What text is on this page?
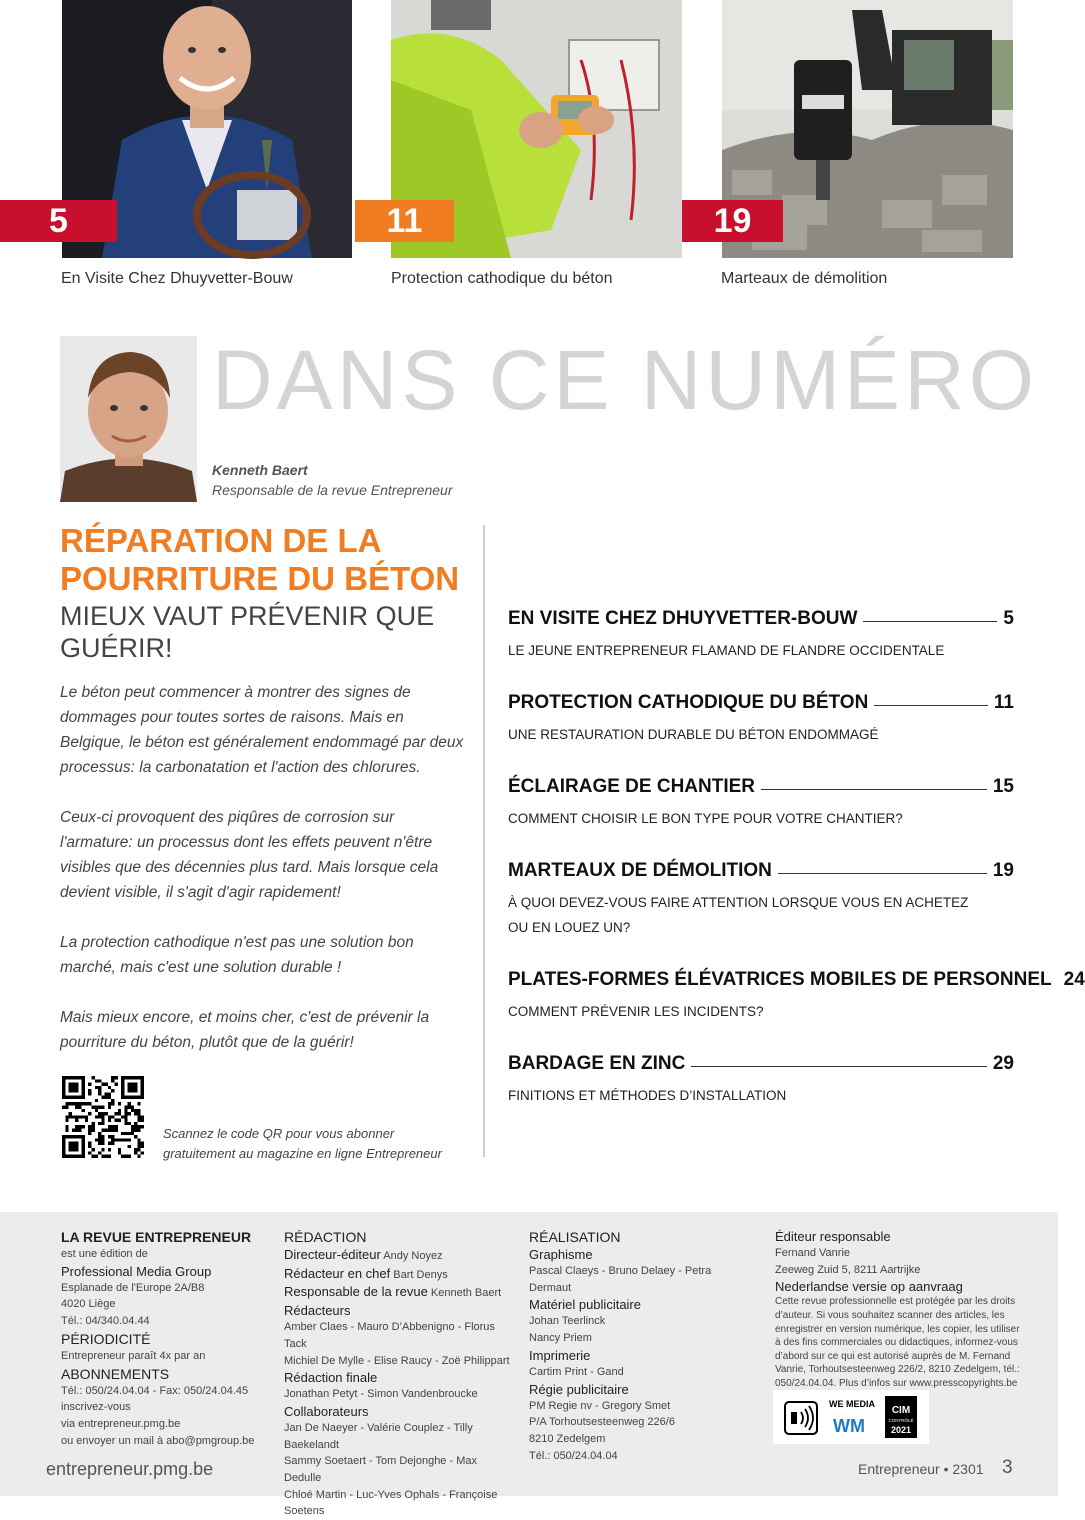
5
En Visite Chez Dhuyvetter-Bouw
11
Protection cathodique du béton
19
Marteaux de démolition
DANS CE NUMÉRO
Kenneth Baert
Responsable de la revue Entrepreneur
RÉPARATION DE LA POURRITURE DU BÉTON
MIEUX VAUT PRÉVENIR QUE GUÉRIR!

Le béton peut commencer à montrer des signes de dommages pour toutes sortes de raisons. Mais en Belgique, le béton est généralement endommagé par deux processus: la carbonatation et l'action des chlorures.

Ceux-ci provoquent des piqûres de corrosion sur l'armature: un processus dont les effets peuvent n'être visibles que des décennies plus tard. Mais lorsque cela devient visible, il s'agit d'agir rapidement!

La protection cathodique n'est pas une solution bon marché, mais c'est une solution durable !

Mais mieux encore, et moins cher, c'est de prévenir la pourriture du béton, plutôt que de la guérir!

Scannez le code QR pour vous abonner gratuitement au magazine en ligne Entrepreneur
EN VISITE CHEZ DHUYVETTER-BOUW	5
LE JEUNE ENTREPRENEUR FLAMAND DE FLANDRE OCCIDENTALE
PROTECTION CATHODIQUE DU BÉTON	11
UNE RESTAURATION DURABLE DU BÉTON ENDOMMAGÉ
ÉCLAIRAGE DE CHANTIER	15
COMMENT CHOISIR LE BON TYPE POUR VOTRE CHANTIER?
MARTEAUX DE DÉMOLITION	19
À QUOI DEVEZ-VOUS FAIRE ATTENTION LORSQUE VOUS EN ACHETEZ OU EN LOUEZ UN?
PLATES-FORMES ÉLÉVATRICES MOBILES DE PERSONNEL 24
COMMENT PRÉVENIR LES INCIDENTS?
BARDAGE EN ZINC	29
FINITIONS ET MÉTHODES D’INSTALLATION
LA REVUE ENTREPRENEUR
est une édition de
Professional Media Group
Esplanade de l'Europe 2A/B8
4020 Liège
Tél.: 04/340.04.44
PÉRIODICITÉ
Entrepreneur paraît 4x par an
ABONNEMENTS
Tél.: 050/24.04.04 - Fax: 050/24.04.45
inscrivez-vous
via entrepreneur.pmg.be
ou envoyer un mail à abo@pmgroup.be
RÉDACTION
Directeur-éditeur Andy Noyez
Rédacteur en chef Bart Denys
Responsable de la revue Kenneth Baert
Rédacteurs
Amber Claes - Mauro D’Abbenigno - Florus Tack
Michiel De Mylle - Elise Raucy - Zoë Philippart
Rédaction finale
Jonathan Petyt - Simon Vandenbroucke
Collaborateurs
Jan De Naeyer - Valérie Couplez - Tilly Baekelandt
Sammy Soetaert - Tom Dejonghe - Max Dedulle
Chloé Martin - Luc-Yves Ophals - Françoise Soetens
RÉALISATION
Graphisme
Pascal Claeys - Bruno Delaey - Petra Dermaut
Matériel publicitaire
Johan Teerlinck
Nancy Priem
Imprimerie
Cartim Print - Gand
Régie publicitaire
PM Regie nv - Gregory Smet
P/A Torhoutsesteenweg 226/6
8210 Zedelgem
Tél.: 050/24.04.04
Éditeur responsable
Fernand Vanrie
Zeeweg Zuid 5, 8211 Aartrijke
Nederlandse versie op aanvraag
Cette revue professionnelle est protégée par les droits d’auteur. Si vous souhaitez scanner des articles, les enregistrer en version numérique, les copier, les utiliser à des fins commerciales ou didactiques, informez-vous d’abord sur ce qui est autorisé auprès de M. Fernand Vanrie, Torhoutsesteenweg 226/2, 8210 Zedelgem, tél.: 050/24.04.04. Plus d’infos sur www.presscopyrights.be
WE MEDIA
WM
CIM
CONTRÔLÉ
2021
entrepreneur.pmg.be	Entrepreneur • 2301 3
